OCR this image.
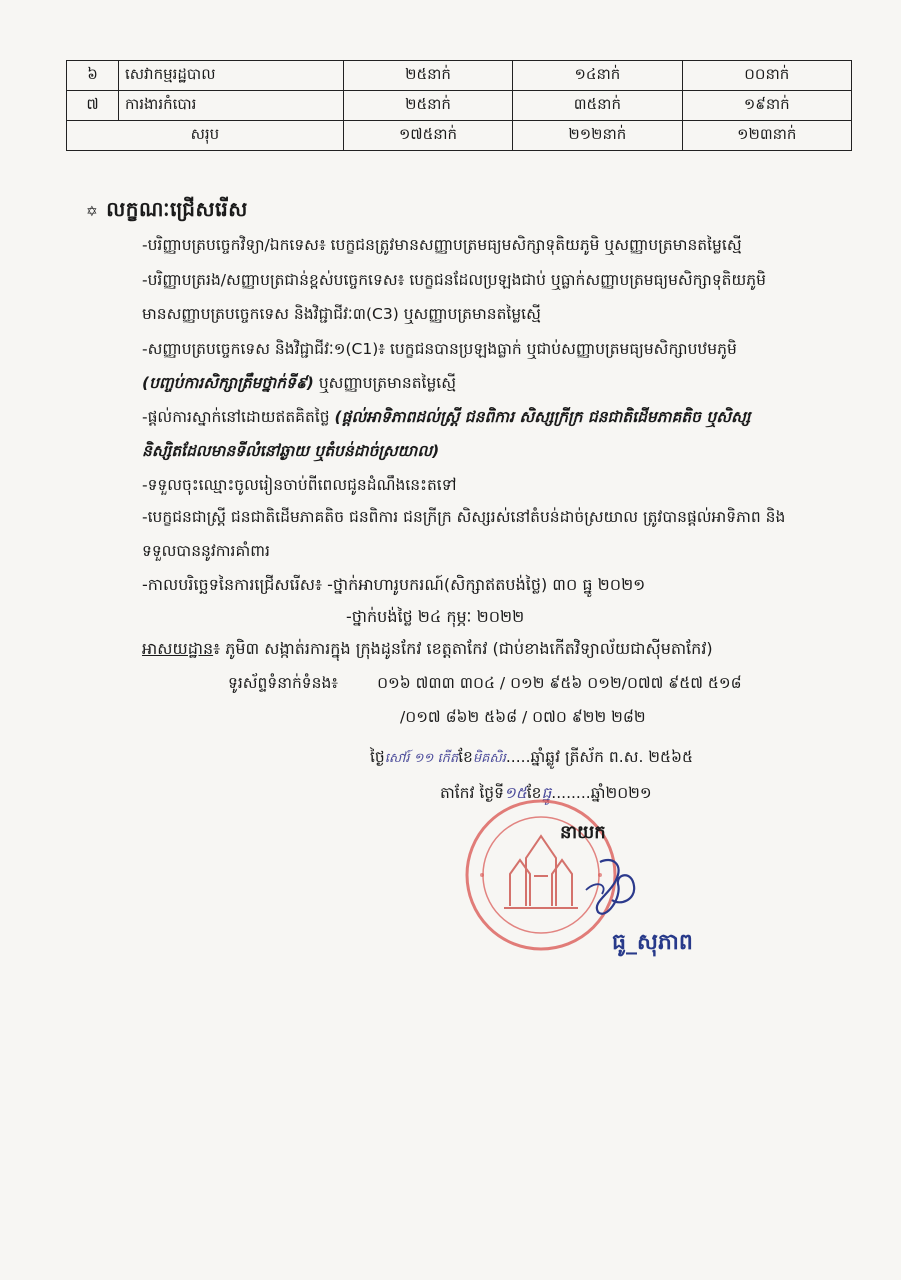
៦	សេវាកម្មរដ្ឋបាល	២៥នាក់	១៤នាក់	០០នាក់
៧	ការងារកំបោរ	២៥នាក់	៣៥នាក់	១៩នាក់
សរុប		១៧៥នាក់	២១២នាក់	១២៣នាក់
✡ លក្ខណៈជ្រើសរើស
-បរិញ្ញាបត្របច្ចេកវិទ្យា/ឯកទេស៖ បេក្ខជនត្រូវមានសញ្ញាបត្រមធ្យមសិក្សាទុតិយភូមិ ឬសញ្ញាបត្រមានតម្លៃស្មើ
-បរិញ្ញាបត្ររង/សញ្ញាបត្រជាន់ខ្ពស់បច្ចេកទេស៖ បេក្ខជនដែលប្រឡងជាប់ ឬធ្លាក់សញ្ញាបត្រមធ្យមសិក្សាទុតិយភូមិ
មានសញ្ញាបត្របច្ចេកទេស និងវិជ្ជាជីវៈ៣(C3) ឬសញ្ញាបត្រមានតម្លៃស្មើ
-សញ្ញាបត្របច្ចេកទេស និងវិជ្ជាជីវៈ១(C1)៖ បេក្ខជនបានប្រឡងធ្លាក់ ឬជាប់សញ្ញាបត្រមធ្យមសិក្សាបឋមភូមិ
(បញ្ចប់ការសិក្សាត្រឹមថ្នាក់ទី៩) ឬសញ្ញាបត្រមានតម្លៃស្មើ
-ផ្តល់ការស្នាក់នៅដោយឥតគិតថ្លៃ (ផ្តល់អាទិភាពដល់ស្ត្រី ជនពិការ សិស្សក្រីក្រ ជនជាតិដើមភាគតិច ឬសិស្ស
និស្សិតដែលមានទីលំនៅឆ្ងាយ ឬតំបន់ដាច់ស្រយាល)
-ទទួលចុះឈ្មោះចូលរៀនចាប់ពីពេលជូនដំណឹងនេះតទៅ
-បេក្ខជនជាស្ត្រី ជនជាតិដើមភាគតិច ជនពិការ ជនក្រីក្រ សិស្សរស់នៅតំបន់ដាច់ស្រយាល ត្រូវបានផ្តល់អាទិភាព និង
ទទួលបាននូវការគាំពារ
-កាលបរិច្ឆេទនៃការជ្រើសរើស៖ -ថ្នាក់អាហារូបករណ៍(សិក្សាឥតបង់ថ្លៃ) ៣០ ធ្នូ ២០២១
-ថ្នាក់បង់ថ្លៃ ២៤ កុម្ភៈ ២០២២
អាសយដ្ឋាន៖ ភូមិ៣ សង្កាត់រការក្នុង ក្រុងដូនកែវ ខេត្តតាកែវ (ជាប់ខាងកើតវិទ្យាល័យជាស៊ីមតាកែវ)
ទូរស័ព្ទទំនាក់ទំនង៖	០១៦ ៧៣៣ ៣០៤ / ០១២ ៩៥៦ ០១២/០៧៧ ៩៥៧ ៥១៨
/០១៧ ៨៦២ ៥៦៨ / ០៧០ ៩២២ ២៨២
ថ្ងៃសៅរ៍ ១១ កើតខែមិគសិរ.....ឆ្នាំឆ្លូវ ត្រីស័ក ព.ស. ២៥៦៥
តាកែវ ថ្ងៃទី១៥ខែធ្នូ........ឆ្នាំ២០២១
នាយក
ធូ_សុភាព
